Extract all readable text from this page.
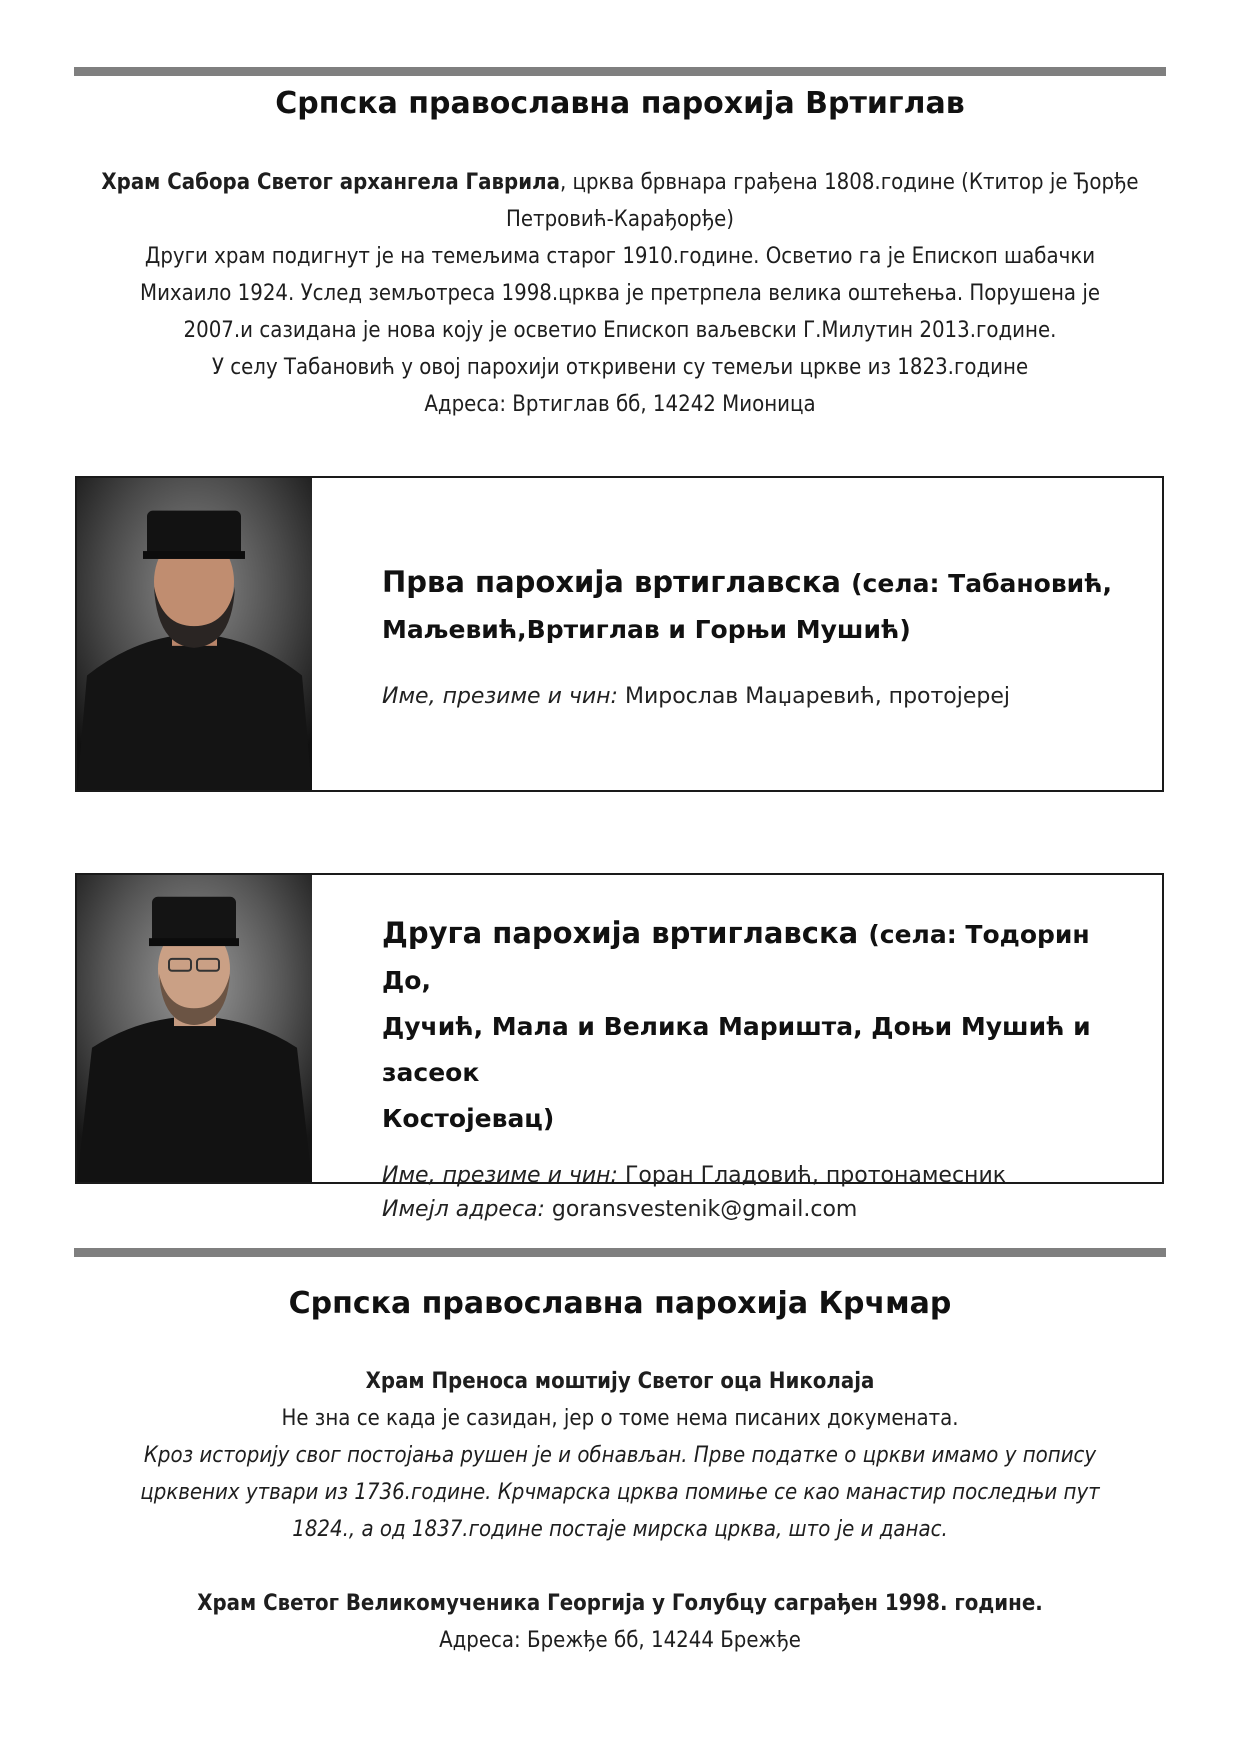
Српска православна парохија Вртиглав
Храм Сабора Светог архангела Гаврила, црква брвнара грађена 1808.године (Ктитор је Ђорђе
Петровић-Карађорђе)
Други храм подигнут је на темељима старог 1910.године. Осветио га је Епископ шабачки
Михаило 1924. Услед земљотреса 1998.црква је претрпела велика оштећења. Порушена је
2007.и сазидана је нова коју је осветио Епископ ваљевски Г.Милутин 2013.године.
У селу Табановић у овој парохији откривени су темељи цркве из 1823.године
Адреса: Вртиглав бб, 14242 Мионица
Прва парохија вртиглавска (села: Табановић,
Маљевић,Вртиглав и Горњи Мушић)
Име, презиме и чин: Мирослав Маџаревић, протојереј
Друга парохија вртиглавска (села: Тодорин До,
Дучић, Мала и Велика Маришта, Доњи Мушић и засеок
Костојевац)
Име, презиме и чин: Горан Гладовић, протонамесник
Имејл адреса: goransvestenik@gmail.com
Српска православна парохија Крчмар
Храм Преноса моштију Светог оца Николаја
Не зна се када је сазидан, јер о томе нема писаних докумената.
Кроз историју свог постојања рушен је и обнављан. Прве податке о цркви имамо у попису
црквених утвари из 1736.године. Крчмарска црква помиње се као манастир последњи пут
1824., а од 1837.године постаје мирска црква, што је и данас.
Храм Светог Великомученика Георгија у Голубцу саграђен 1998. године.
Адреса: Брежђе бб, 14244 Брежђе
